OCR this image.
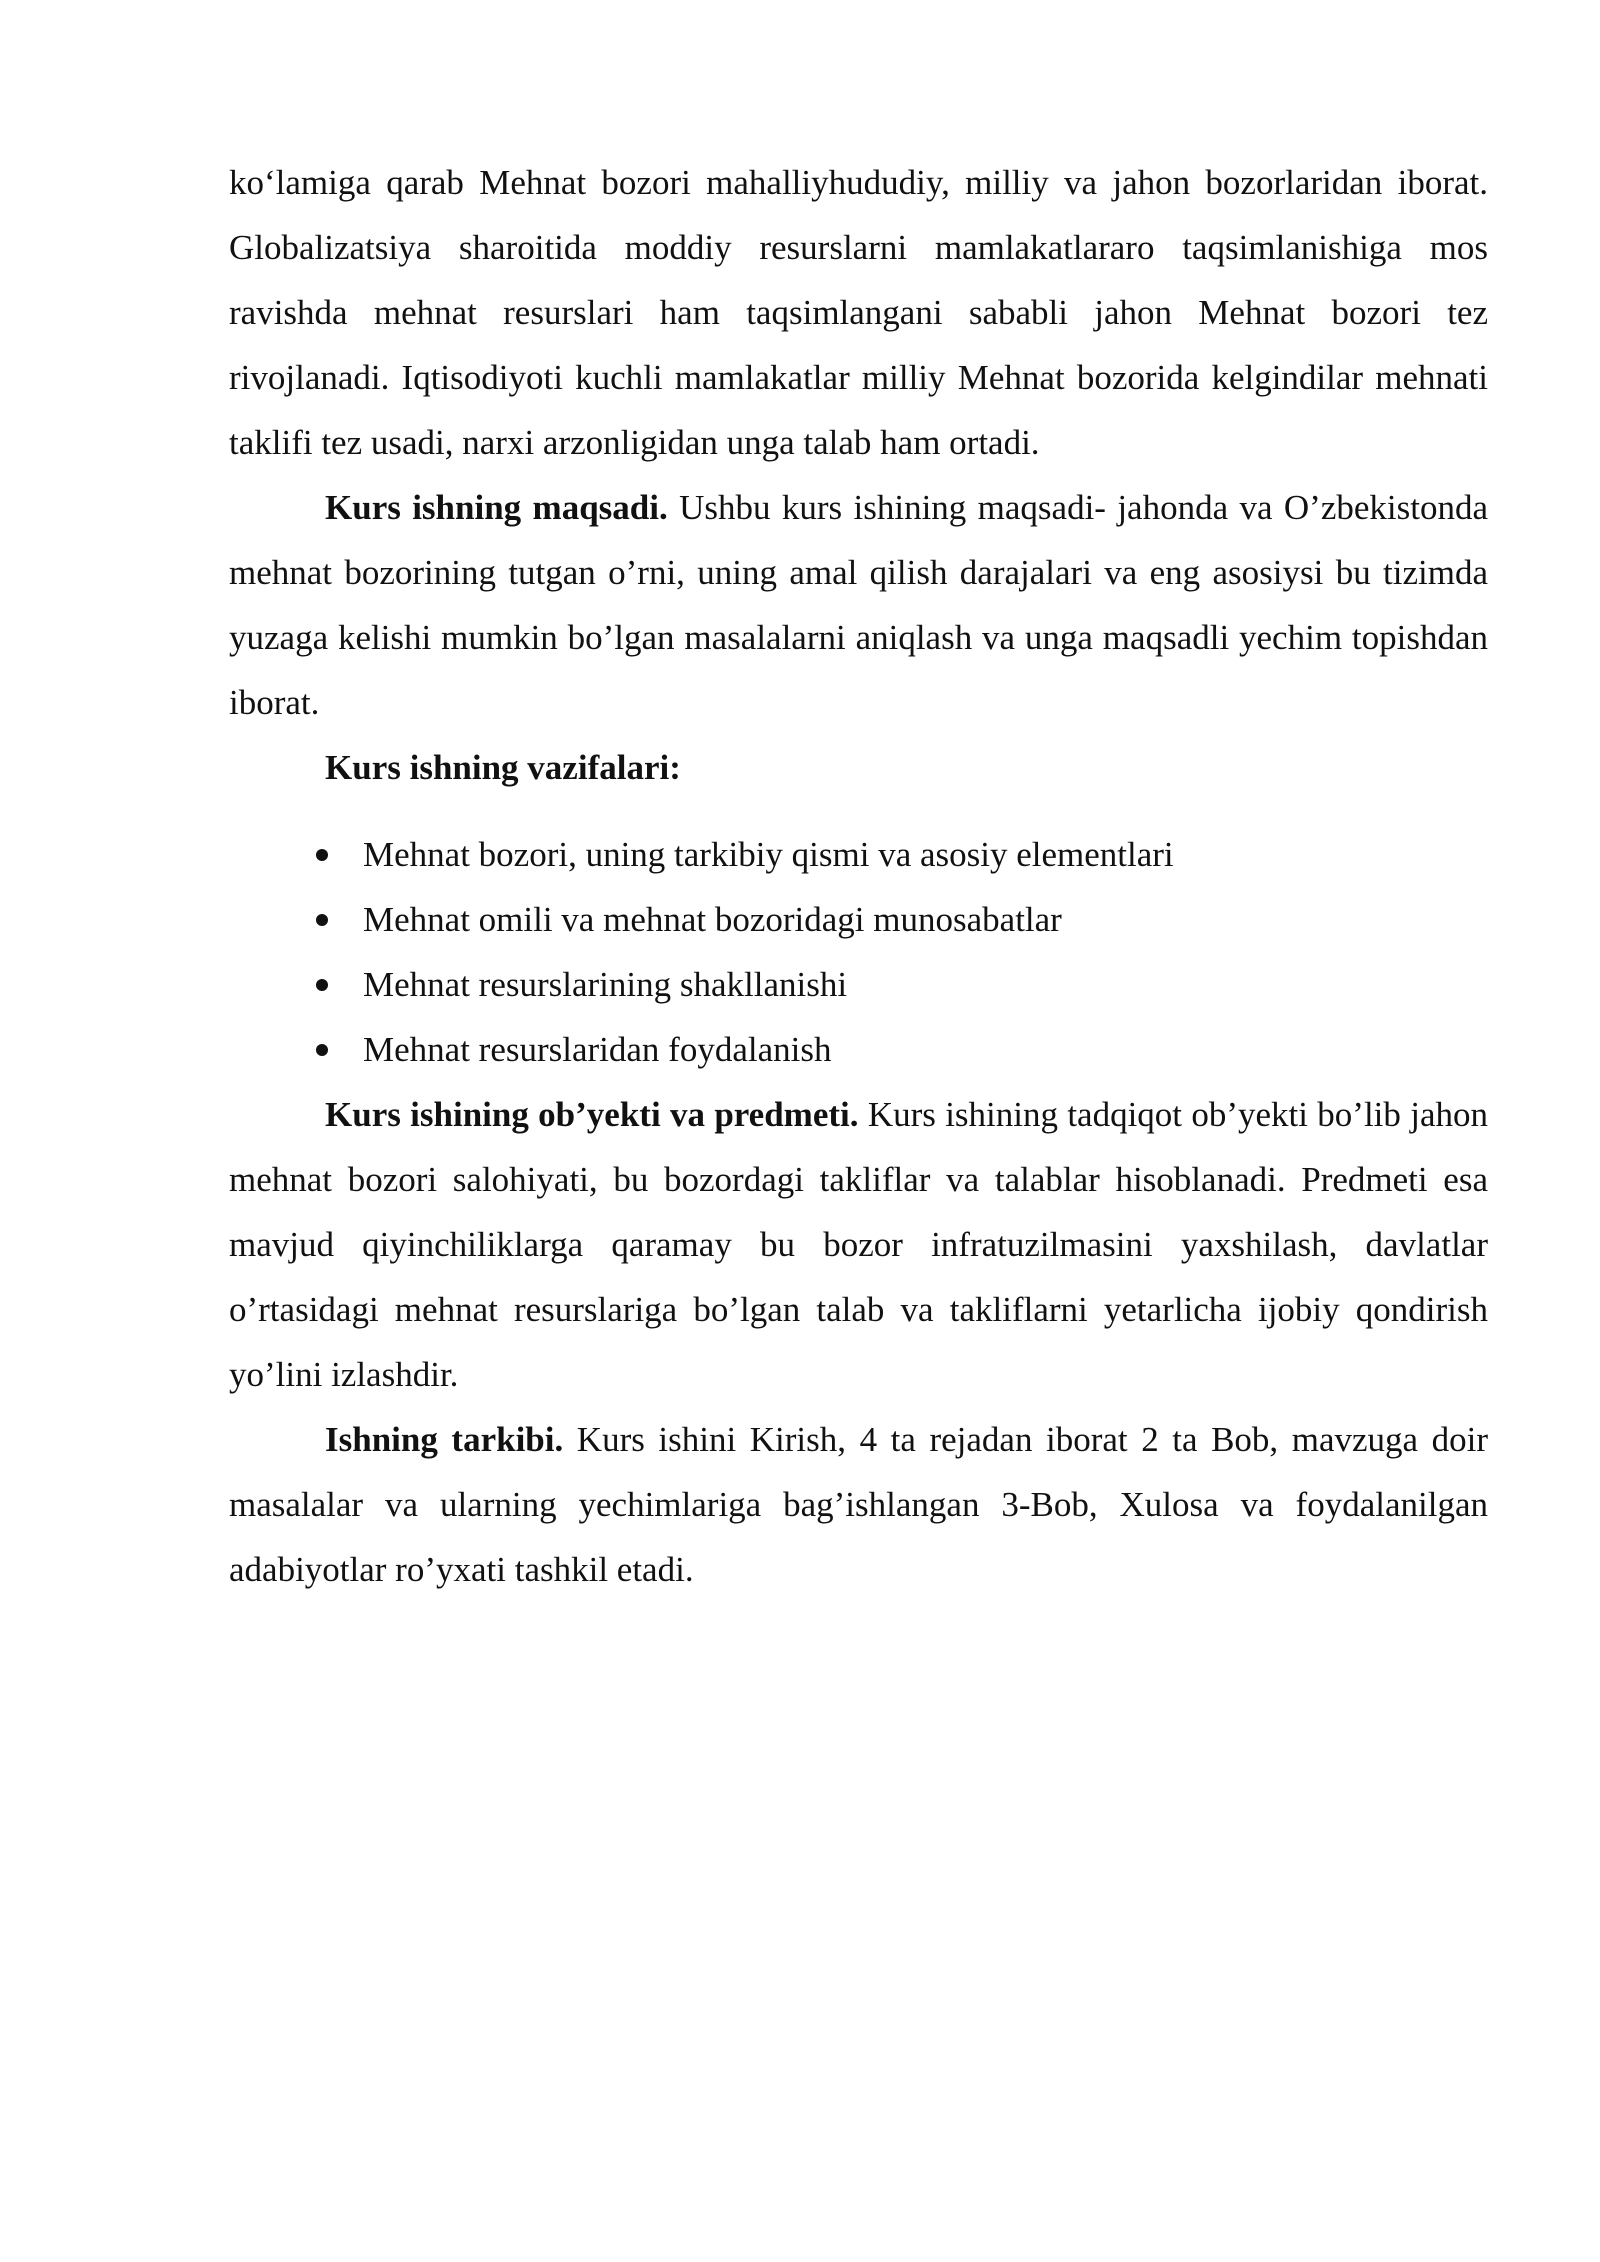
ko‘lamiga qarab Mehnat bozori mahalliyhududiy, milliy va jahon bozorlaridan iborat. Globalizatsiya sharoitida moddiy resurslarni mamlakatlararo taqsimlanishiga mos ravishda mehnat resurslari ham taqsimlangani sababli jahon Mehnat bozori tez rivojlanadi. Iqtisodiyoti kuchli mamlakatlar milliy Mehnat bozorida kelgindilar mehnati taklifi tez usadi, narxi arzonligidan unga talab ham ortadi.

Kurs ishning maqsadi. Ushbu kurs ishining maqsadi- jahonda va O’zbekistonda mehnat bozorining tutgan o’rni, uning amal qilish darajalari va eng asosiysi bu tizimda yuzaga kelishi mumkin bo’lgan masalalarni aniqlash va unga maqsadli yechim topishdan iborat.

Kurs ishning vazifalari:

Mehnat bozori, uning tarkibiy qismi va asosiy elementlari
Mehnat omili va mehnat bozoridagi munosabatlar
Mehnat resurslarining shakllanishi
Mehnat resurslaridan foydalanish

Kurs ishining ob’yekti va predmeti. Kurs ishining tadqiqot ob’yekti bo’lib jahon mehnat bozori salohiyati, bu bozordagi takliflar va talablar hisoblanadi. Predmeti esa mavjud qiyinchiliklarga qaramay bu bozor infratuzilmasini yaxshilash, davlatlar o’rtasidagi mehnat resurslariga bo’lgan talab va takliflarni yetarlicha ijobiy qondirish yo’lini izlashdir.

Ishning tarkibi. Kurs ishini Kirish, 4 ta rejadan iborat 2 ta Bob, mavzuga doir masalalar va ularning yechimlariga bag’ishlangan 3-Bob, Xulosa va foydalanilgan adabiyotlar ro’yxati tashkil etadi.
